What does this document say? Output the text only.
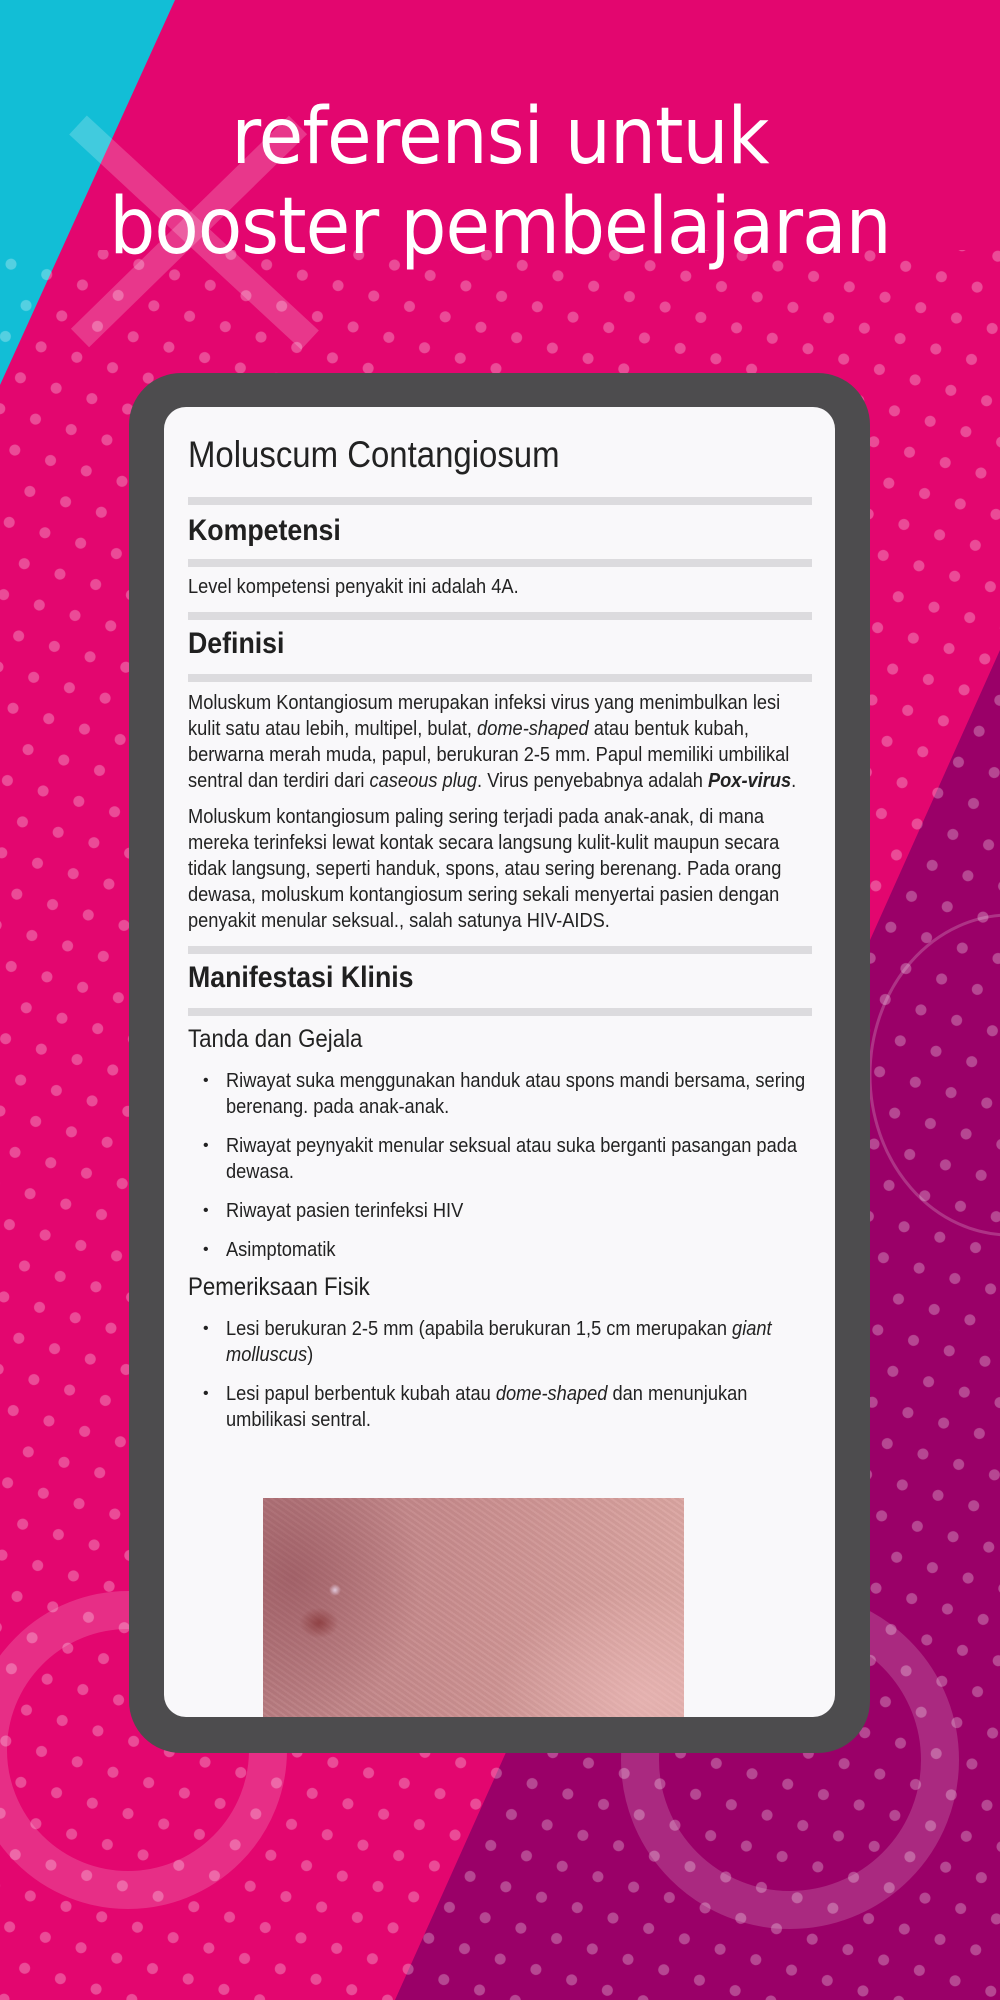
referensi untuk
booster pembelajaran
Moluscum Contangiosum
Kompetensi
Level kompetensi penyakit ini adalah 4A.
Definisi
Moluskum Kontangiosum merupakan infeksi virus yang menimbulkan lesi kulit satu atau lebih, multipel, bulat, dome-shaped atau bentuk kubah, berwarna merah muda, papul, berukuran 2-5 mm. Papul memiliki umbilikal sentral dan terdiri dari caseous plug. Virus penyebabnya adalah Pox-virus.
Moluskum kontangiosum paling sering terjadi pada anak-anak, di mana mereka terinfeksi lewat kontak secara langsung kulit-kulit maupun secara tidak langsung, seperti handuk, spons, atau sering berenang. Pada orang dewasa, moluskum kontangiosum sering sekali menyertai pasien dengan penyakit menular seksual., salah satunya HIV-AIDS.
Manifestasi Klinis
Tanda dan Gejala
• Riwayat suka menggunakan handuk atau spons mandi bersama, sering berenang. pada anak-anak.
• Riwayat peynyakit menular seksual atau suka berganti pasangan pada dewasa.
• Riwayat pasien terinfeksi HIV
• Asimptomatik
Pemeriksaan Fisik
• Lesi berukuran 2-5 mm (apabila berukuran 1,5 cm merupakan giant molluscus)
• Lesi papul berbentuk kubah atau dome-shaped dan menunjukan umbilikasi sentral.
